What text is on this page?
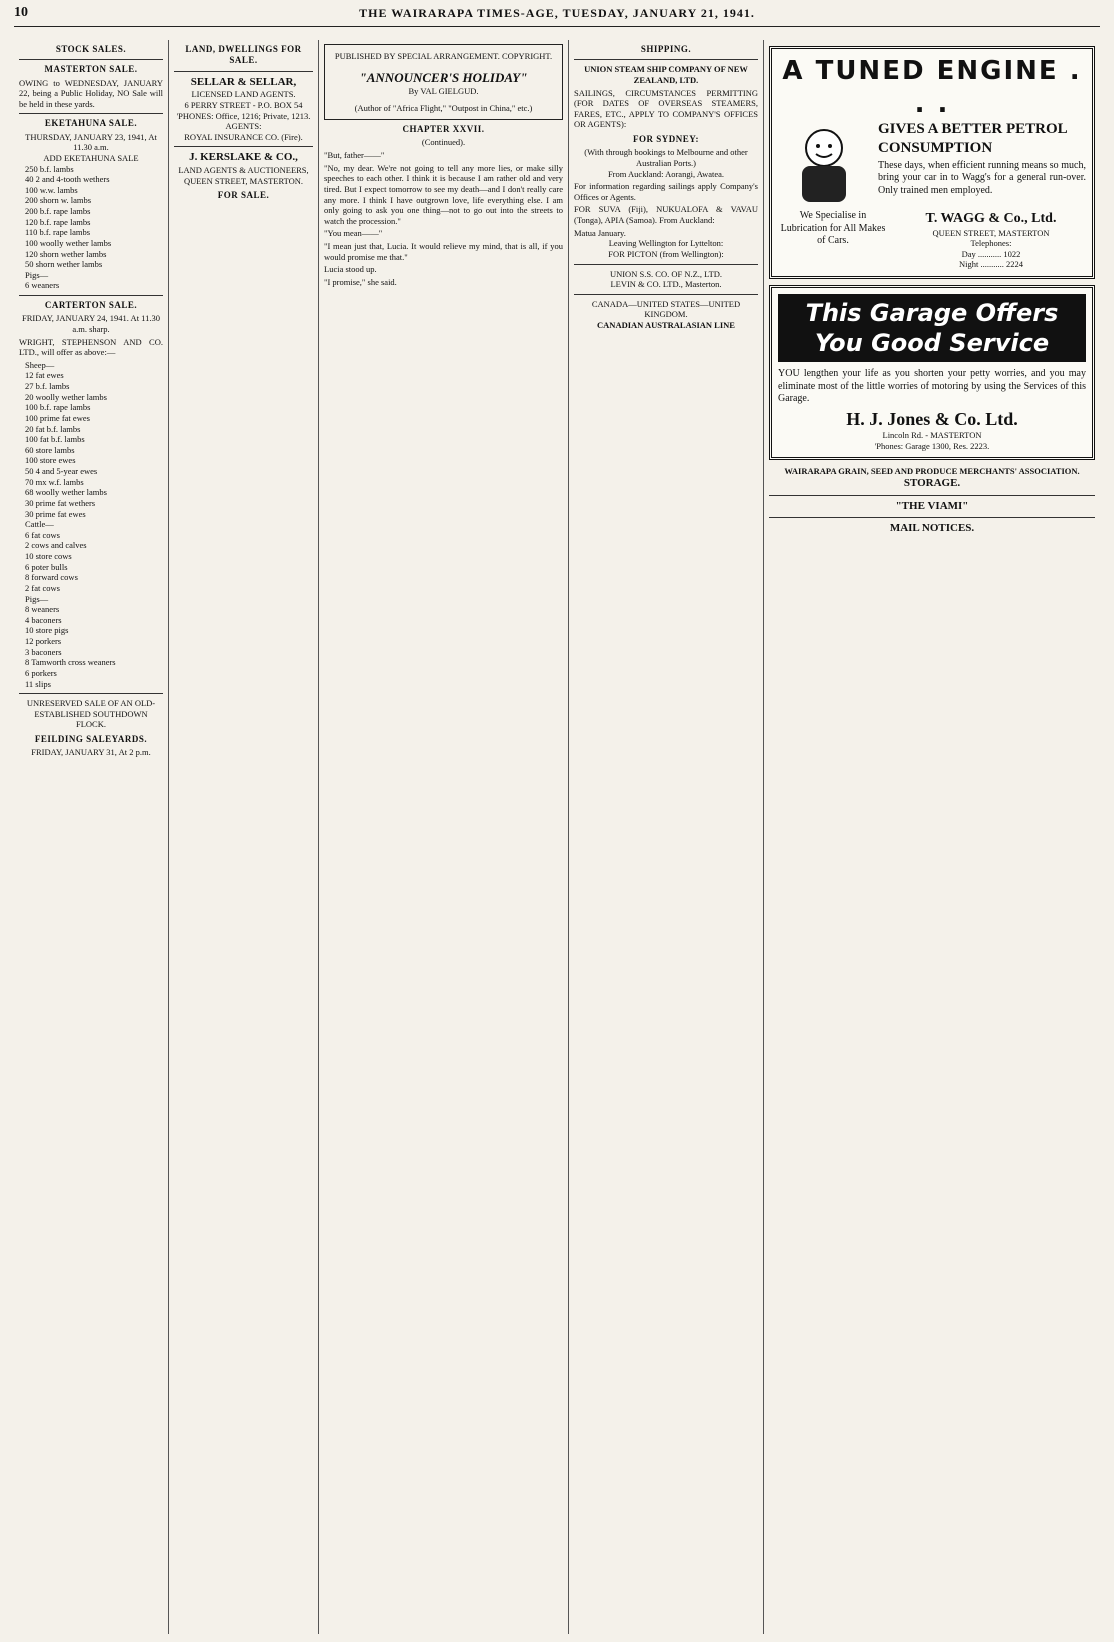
10	THE WAIRARAPA TIMES-AGE, TUESDAY, JANUARY 21, 1941.
STOCK SALES.
MASTERTON SALE.

OWING to WEDNESDAY, JANUARY 22, being a Public Holiday, NO Sale will be held in these yards.

EKETAHUNA SALE.
THURSDAY, JANUARY 23, 1941, At 11.30 a.m.
ADD EKETAHUNA SALE
250 b.f. lambs
40 2 and 4-tooth wethers
100 w.w. lambs
200 shorn w. lambs
200 b.f. rape lambs
120 b.f. rape lambs
110 b.f. rape lambs
100 woolly wether lambs
120 shorn wether lambs
50 shorn wether lambs
Pigs—
6 weaners
CARTERTON SALE.
FRIDAY, JANUARY 24, 1941. At 11.30 a.m. sharp.

WRIGHT, STEPHENSON AND CO. LTD., will offer as above:—

Sheep—
12 fat ewes
27 b.f. lambs
20 woolly wether lambs
100 b.f. rape lambs
100 prime fat ewes
20 fat b.f. lambs
100 fat b.f. lambs
60 store lambs
100 store ewes
50 4 and 5-year ewes
70 mx w.f. lambs
68 woolly wether lambs
30 prime fat wethers
30 prime fat ewes
Cattle—
6 fat cows
2 cows and calves
10 store cows
6 poter bulls
8 forward cows
2 fat cows
Pigs—
8 weaners
4 baconers
10 store pigs
12 porkers
3 baconers
8 Tamworth cross weaners
6 porkers
11 slips

UNRESERVED SALE OF AN OLD-ESTABLISHED SOUTHDOWN FLOCK.

FEILDING SALEYARDS.
FRIDAY, JANUARY 31, At 2 p.m.
LAND, DWELLINGS FOR SALE.
SELLAR & SELLAR,
LICENSED LAND AGENTS.
6 PERRY STREET - P.O. BOX 54
'PHONES: Office, 1216; Private, 1213.
AGENTS:
ROYAL INSURANCE CO. (Fire).
J. KERSLAKE & CO.,
LAND AGENTS & AUCTIONEERS, QUEEN STREET, MASTERTON.
FOR SALE.
PUBLISHED BY SPECIAL ARRANGEMENT. COPYRIGHT.
"ANNOUNCER'S HOLIDAY"
By VAL GIELGUD.
(Author of "Africa Flight," "Outpost in China," etc.)
CHAPTER XXVII.
(Continued).

"But, father——"

"No, my dear. We're not going to tell any more lies, or make silly speeches to each other. I think it is because I am rather old and very tired. But I expect tomorrow to see my death—and I don't really care any more. I think I have outgrown love, life everything else. I am only going to ask you one thing—not to go out into the streets to watch the procession."

"You mean——"

"I mean just that, Lucia. It would relieve my mind, that is all, if you would promise me that."

Lucia stood up.

"I promise," she said.

SHIPPING.
UNION STEAM SHIP COMPANY OF NEW ZEALAND, LTD.

SAILINGS, CIRCUMSTANCES PERMITTING (FOR DATES OF OVERSEAS STEAMERS, FARES, ETC., APPLY TO COMPANY'S OFFICES OR AGENTS):

FOR SYDNEY:
(With through bookings to Melbourne and other Australian Ports.)
From Auckland: Aorangi, Awatea.

For information regarding sailings apply Company's Offices or Agents.

FOR SUVA (Fiji), NUKUALOFA & VAVAU (Tonga), APIA (Samoa). From Auckland:

Matua January.
Leaving Wellington for Lyttelton:
FOR PICTON (from Wellington):
UNION S.S. CO. OF N.Z., LTD.
LEVIN & CO. LTD., Masterton.
CANADA—UNITED STATES—UNITED KINGDOM.
CANADIAN AUSTRALASIAN LINE
A TUNED ENGINE . . .
GIVES A BETTER PETROL CONSUMPTION

These days, when efficient running means so much, bring your car in to Wagg's for a general run-over. Only trained men employed.

We Specialise in Lubrication for All Makes of Cars.
T. WAGG & Co., Ltd.
QUEEN STREET, MASTERTON
Telephones:
Day ........... 1022
Night ........... 2224
This Garage Offers You Good Service

YOU lengthen your life as you shorten your petty worries, and you may eliminate most of the little worries of motoring by using the Services of this Garage.

H. J. Jones & Co. Ltd.
Lincoln Rd. - MASTERTON
'Phones: Garage 1300, Res. 2223.
WAIRARAPA GRAIN, SEED AND PRODUCE MERCHANTS' ASSOCIATION.
STORAGE.
"THE VIAMI"
MAIL NOTICES.
